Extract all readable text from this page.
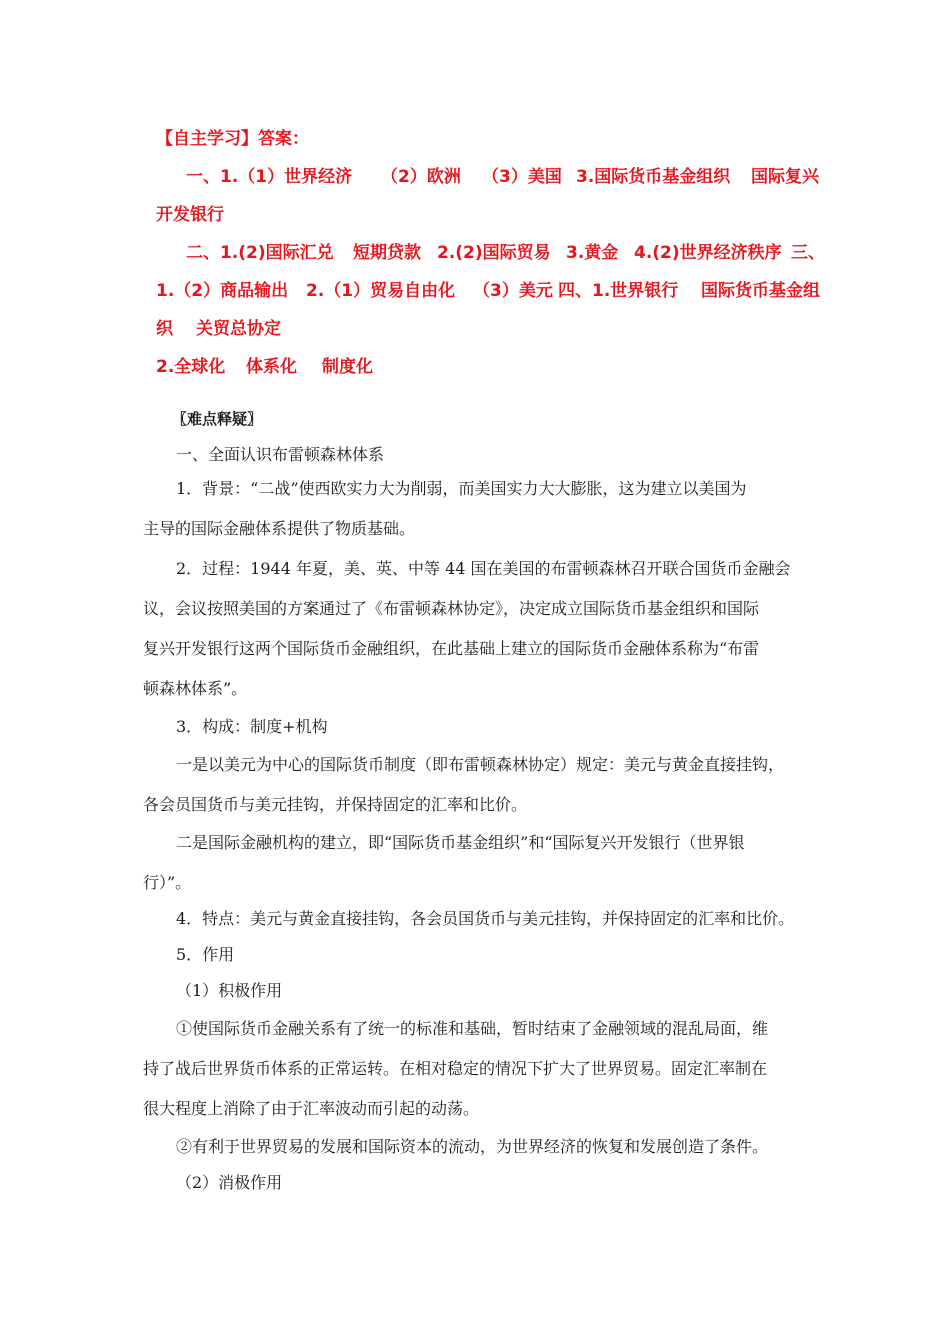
【自主学习】答案：
一、1.（1）世界经济 （2）欧洲 （3）美国 3.国际货币基金组织 国际复兴
开发银行
二、1.(2)国际汇兑 短期贷款 2.(2)国际贸易 3.黄金 4.(2)世界经济秩序 三、
1.（2）商品输出 2.（1）贸易自由化 （3）美元 四、1.世界银行 国际货币基金组
织 关贸总协定
2.全球化 体系化 制度化
〖难点释疑〗
一、全面认识布雷顿森林体系
1．背景：“二战”使西欧实力大为削弱，而美国实力大大膨胀，这为建立以美国为
主导的国际金融体系提供了物质基础。
2．过程：1944 年夏，美、英、中等 44 国在美国的布雷顿森林召开联合国货币金融会
议，会议按照美国的方案通过了《布雷顿森林协定》，决定成立国际货币基金组织和国际
复兴开发银行这两个国际货币金融组织，在此基础上建立的国际货币金融体系称为“布雷
顿森林体系”。
3．构成：制度+机构
一是以美元为中心的国际货币制度（即布雷顿森林协定）规定：美元与黄金直接挂钩，
各会员国货币与美元挂钩，并保持固定的汇率和比价。
二是国际金融机构的建立，即“国际货币基金组织”和“国际复兴开发银行（世界银
行）”。
4．特点：美元与黄金直接挂钩，各会员国货币与美元挂钩，并保持固定的汇率和比价。
5．作用
（1）积极作用
①使国际货币金融关系有了统一的标准和基础，暂时结束了金融领域的混乱局面，维
持了战后世界货币体系的正常运转。在相对稳定的情况下扩大了世界贸易。固定汇率制在
很大程度上消除了由于汇率波动而引起的动荡。
②有利于世界贸易的发展和国际资本的流动，为世界经济的恢复和发展创造了条件。
（2）消极作用
